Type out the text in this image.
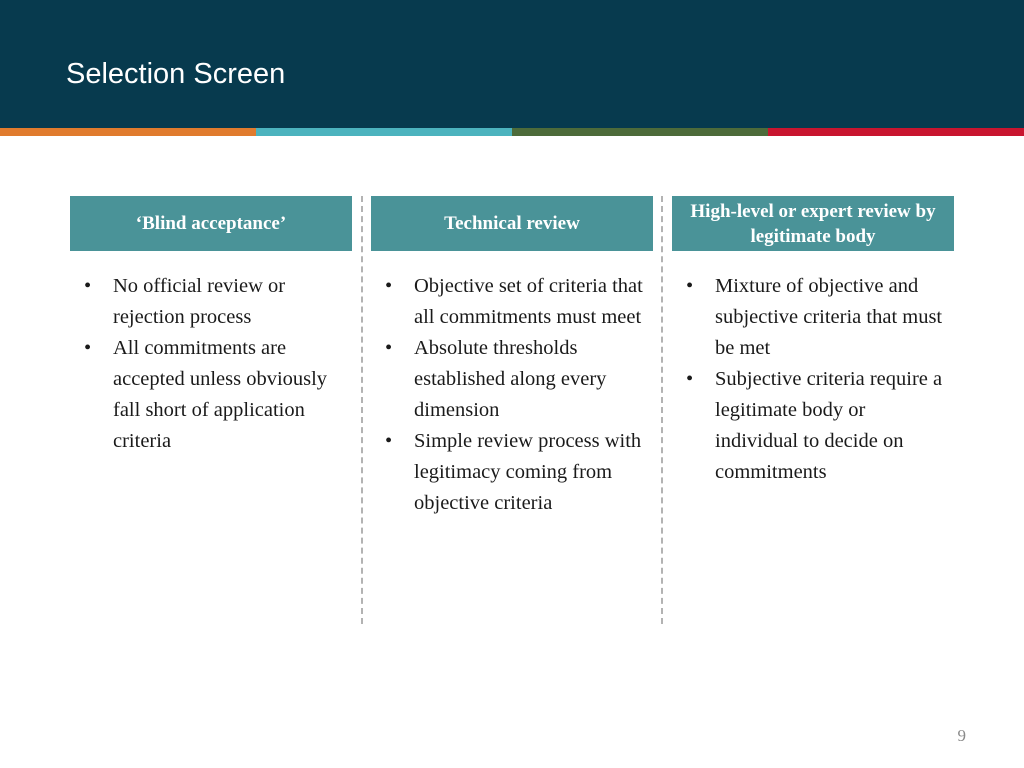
Selection Screen
‘Blind acceptance’
• No official review or rejection process
• All commitments are accepted unless obviously fall short of application criteria
Technical review
• Objective set of criteria that all commitments must meet
• Absolute thresholds established along every dimension
• Simple review process with legitimacy coming from objective criteria
High-level or expert review by legitimate body
• Mixture of objective and subjective criteria that must be met
• Subjective criteria require a legitimate body or individual to decide on commitments
9
